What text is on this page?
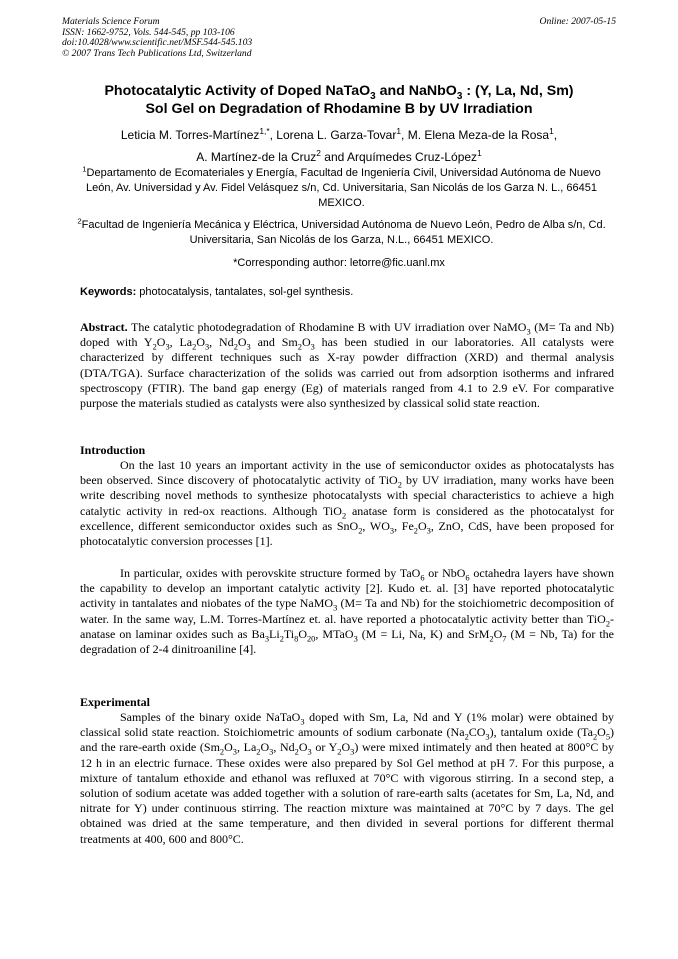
Materials Science Forum
ISSN: 1662-9752, Vols. 544-545, pp 103-106
doi:10.4028/www.scientific.net/MSF.544-545.103
© 2007 Trans Tech Publications Ltd, Switzerland
Online: 2007-05-15
Photocatalytic Activity of Doped NaTaO$_3$ and NaNbO$_3$ : (Y, La, Nd, Sm)
Sol Gel on Degradation of Rhodamine B by UV Irradiation
Leticia M. Torres-Martínez$^{1,*}$, Lorena L. Garza-Tovar$^1$, M. Elena Meza-de la Rosa$^1$,
A. Martínez-de la Cruz$^2$ and Arquímedes Cruz-López$^1$
$^1$Departamento de Ecomateriales y Energía, Facultad de Ingeniería Civil, Universidad Autónoma de Nuevo León, Av. Universidad y Av. Fidel Velásquez s/n, Cd. Universitaria, San Nicolás de los Garza N. L., 66451 MEXICO.
$^2$Facultad de Ingeniería Mecánica y Eléctrica, Universidad Autónoma de Nuevo León, Pedro de Alba s/n, Cd. Universitaria, San Nicolás de los Garza, N.L., 66451 MEXICO.
*Corresponding author: letorre@fic.uanl.mx
Keywords: photocatalysis, tantalates, sol-gel synthesis.
Abstract. The catalytic photodegradation of Rhodamine B with UV irradiation over NaMO$_3$ (M= Ta and Nb) doped with $Y_2O_3$, $La_2O_3$, $Nd_2O_3$ and $Sm_2O_3$ has been studied in our laboratories. All catalysts were characterized by different techniques such as X-ray powder diffraction (XRD) and thermal analysis (DTA/TGA). Surface characterization of the solids was carried out from adsorption isotherms and infrared spectroscopy (FTIR). The band gap energy (Eg) of materials ranged from 4.1 to 2.9 eV. For comparative purpose the materials studied as catalysts were also synthesized by classical solid state reaction.
Introduction
On the last 10 years an important activity in the use of semiconductor oxides as photocatalysts has been observed. Since discovery of photocatalytic activity of TiO$_2$ by UV irradiation, many works have been write describing novel methods to synthesize photocatalysts with special characteristics to achieve a high catalytic activity in red-ox reactions. Although TiO$_2$ anatase form is considered as the photocatalyst for excellence, different semiconductor oxides such as SnO$_2$, $WO_3$, $Fe_2O_3$, ZnO, CdS, have been proposed for photocatalytic conversion processes [1].
In particular, oxides with perovskite structure formed by TaO$_6$ or NbO$_6$ octahedra layers have shown the capability to develop an important catalytic activity [2]. Kudo et. al. [3] have reported photocatalytic activity in tantalates and niobates of the type NaMO$_3$ (M= Ta and Nb) for the stoichiometric decomposition of water. In the same way, L.M. Torres-Martínez et. al. have reported a photocatalytic activity better than TiO$_2$-anatase on laminar oxides such as $Ba_3Li_2Ti_8O_{20}$, MTaO$_3$ (M = Li, Na, K) and $SrM_2O_7$ (M = Nb, Ta) for the degradation of 2-4 dinitroaniline [4].
Experimental
Samples of the binary oxide NaTaO$_3$ doped with Sm, La, Nd and Y (1% molar) were obtained by classical solid state reaction. Stoichiometric amounts of sodium carbonate $(Na_2CO_3)$, tantalum oxide $(Ta_2O_5)$ and the rare-earth oxide ($Sm_2O_3$, $La_2O_3$, $Nd_2O_3$ or $Y_2O_3$) were mixed intimately and then heated at 800°C by 12 h in an electric furnace. These oxides were also prepared by Sol Gel method at pH 7. For this purpose, a mixture of tantalum ethoxide and ethanol was refluxed at 70°C with vigorous stirring. In a second step, a solution of sodium acetate was added together with a solution of rare-earth salts (acetates for Sm, La, Nd, and nitrate for Y) under continuous stirring. The reaction mixture was maintained at 70°C by 7 days. The gel obtained was dried at the same temperature, and then divided in several portions for different thermal treatments at 400, 600 and 800°C.
